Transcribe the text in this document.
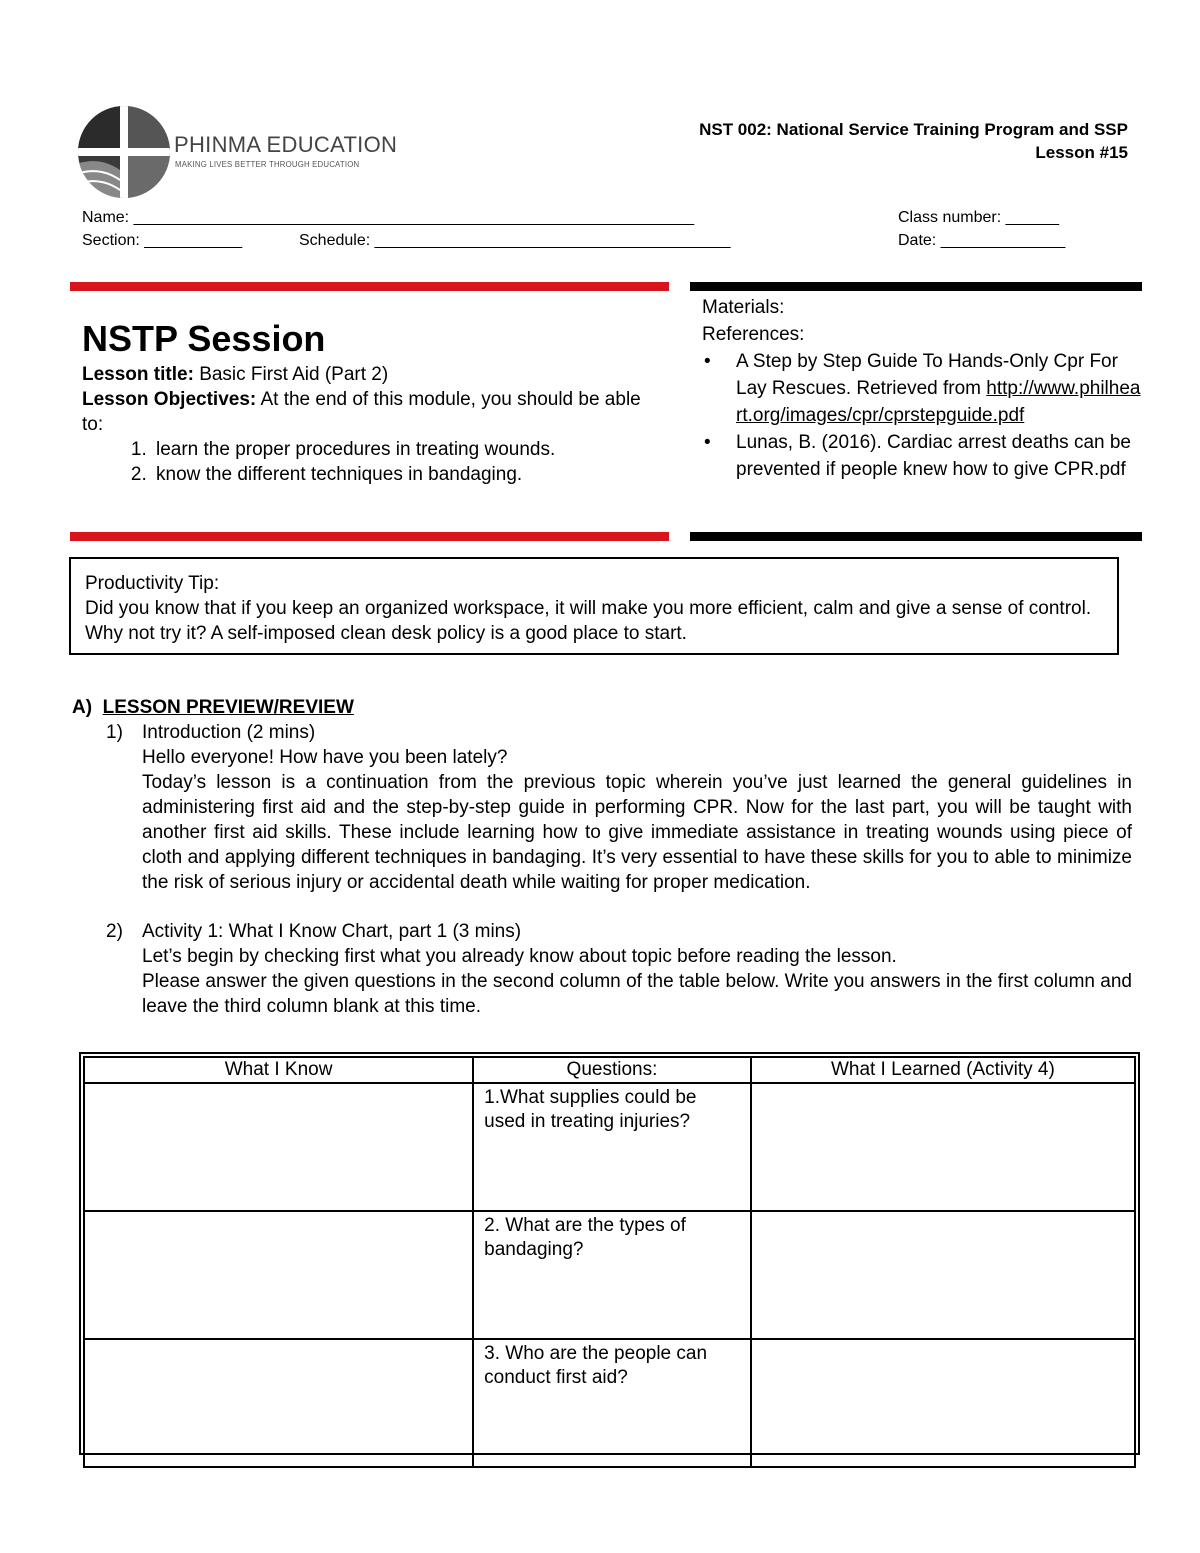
PHINMA EDUCATION
MAKING LIVES BETTER THROUGH EDUCATION
NST 002: National Service Training Program and SSP
Lesson #15
Name: _______________________________________________________________	Class number: ______
Section: ___________	Schedule: ________________________________________	Date: ______________
NSTP Session
Lesson title: Basic First Aid (Part 2)
Lesson Objectives: At the end of this module, you should be able to:
1. learn the proper procedures in treating wounds.
2. know the different techniques in bandaging.
Materials:
References:
• A Step by Step Guide To Hands-Only Cpr For Lay Rescues. Retrieved from http://www.philheart.org/images/cpr/cprstepguide.pdf
• Lunas, B. (2016). Cardiac arrest deaths can be prevented if people knew how to give CPR.pdf
Productivity Tip:
Did you know that if you keep an organized workspace, it will make you more efficient, calm and give a sense of control. Why not try it? A self-imposed clean desk policy is a good place to start.
A) LESSON PREVIEW/REVIEW
1) Introduction (2 mins)
Hello everyone! How have you been lately?
Today’s lesson is a continuation from the previous topic wherein you’ve just learned the general guidelines in administering first aid and the step-by-step guide in performing CPR. Now for the last part, you will be taught with another first aid skills. These include learning how to give immediate assistance in treating wounds using piece of cloth and applying different techniques in bandaging. It’s very essential to have these skills for you to able to minimize the risk of serious injury or accidental death while waiting for proper medication.
2) Activity 1: What I Know Chart, part 1 (3 mins)
Let’s begin by checking first what you already know about topic before reading the lesson.
Please answer the given questions in the second column of the table below. Write you answers in the first column and leave the third column blank at this time.
What I Know	Questions:	What I Learned (Activity 4)
	1.What supplies could be used in treating injuries?	
	2. What are the types of bandaging?	
	3. Who are the people can conduct first aid?	
